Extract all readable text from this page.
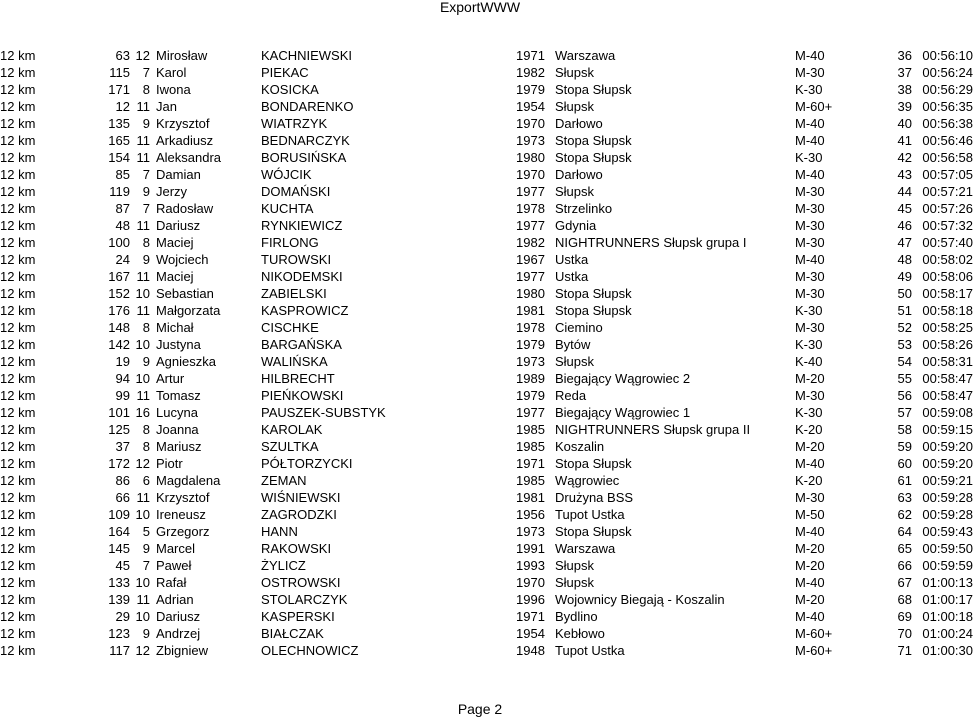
ExportWWW
12 km	63	12	Mirosław	KACHNIEWSKI	1971	Warszawa	M-40	36	00:56:10
12 km	115	7	Karol	PIEKAC	1982	Słupsk	M-30	37	00:56:24
12 km	171	8	Iwona	KOSICKA	1979	Stopa Słupsk	K-30	38	00:56:29
12 km	12	11	Jan	BONDARENKO	1954	Słupsk	M-60+	39	00:56:35
12 km	135	9	Krzysztof	WIATRZYK	1970	Darłowo	M-40	40	00:56:38
12 km	165	11	Arkadiusz	BEDNARCZYK	1973	Stopa Słupsk	M-40	41	00:56:46
12 km	154	11	Aleksandra	BORUSIŃSKA	1980	Stopa Słupsk	K-30	42	00:56:58
12 km	85	7	Damian	WÓJCIK	1970	Darłowo	M-40	43	00:57:05
12 km	119	9	Jerzy	DOMAŃSKI	1977	Słupsk	M-30	44	00:57:21
12 km	87	7	Radosław	KUCHTA	1978	Strzelinko	M-30	45	00:57:26
12 km	48	11	Dariusz	RYNKIEWICZ	1977	Gdynia	M-30	46	00:57:32
12 km	100	8	Maciej	FIRLONG	1982	NIGHTRUNNERS Słupsk grupa I	M-30	47	00:57:40
12 km	24	9	Wojciech	TUROWSKI	1967	Ustka	M-40	48	00:58:02
12 km	167	11	Maciej	NIKODEMSKI	1977	Ustka	M-30	49	00:58:06
12 km	152	10	Sebastian	ZABIELSKI	1980	Stopa Słupsk	M-30	50	00:58:17
12 km	176	11	Małgorzata	KASPROWICZ	1981	Stopa Słupsk	K-30	51	00:58:18
12 km	148	8	Michał	CISCHKE	1978	Ciemino	M-30	52	00:58:25
12 km	142	10	Justyna	BARGAŃSKA	1979	Bytów	K-30	53	00:58:26
12 km	19	9	Agnieszka	WALIŃSKA	1973	Słupsk	K-40	54	00:58:31
12 km	94	10	Artur	HILBRECHT	1989	Biegający Wągrowiec 2	M-20	55	00:58:47
12 km	99	11	Tomasz	PIEŃKOWSKI	1979	Reda	M-30	56	00:58:47
12 km	101	16	Lucyna	PAUSZEK-SUBSTYK	1977	Biegający Wągrowiec 1	K-30	57	00:59:08
12 km	125	8	Joanna	KAROLAK	1985	NIGHTRUNNERS Słupsk grupa II	K-20	58	00:59:15
12 km	37	8	Mariusz	SZULTKA	1985	Koszalin	M-20	59	00:59:20
12 km	172	12	Piotr	PÓŁTORZYCKI	1971	Stopa Słupsk	M-40	60	00:59:20
12 km	86	6	Magdalena	ZEMAN	1985	Wągrowiec	K-20	61	00:59:21
12 km	66	11	Krzysztof	WIŚNIEWSKI	1981	Drużyna BSS	M-30	63	00:59:28
12 km	109	10	Ireneusz	ZAGRODZKI	1956	Tupot Ustka	M-50	62	00:59:28
12 km	164	5	Grzegorz	HANN	1973	Stopa Słupsk	M-40	64	00:59:43
12 km	145	9	Marcel	RAKOWSKI	1991	Warszawa	M-20	65	00:59:50
12 km	45	7	Paweł	ŻYLICZ	1993	Słupsk	M-20	66	00:59:59
12 km	133	10	Rafał	OSTROWSKI	1970	Słupsk	M-40	67	01:00:13
12 km	139	11	Adrian	STOLARCZYK	1996	Wojownicy Biegają - Koszalin	M-20	68	01:00:17
12 km	29	10	Dariusz	KASPERSKI	1971	Bydlino	M-40	69	01:00:18
12 km	123	9	Andrzej	BIAŁCZAK	1954	Kebłowo	M-60+	70	01:00:24
12 km	117	12	Zbigniew	OLECHNOWICZ	1948	Tupot Ustka	M-60+	71	01:00:30
Page 2
